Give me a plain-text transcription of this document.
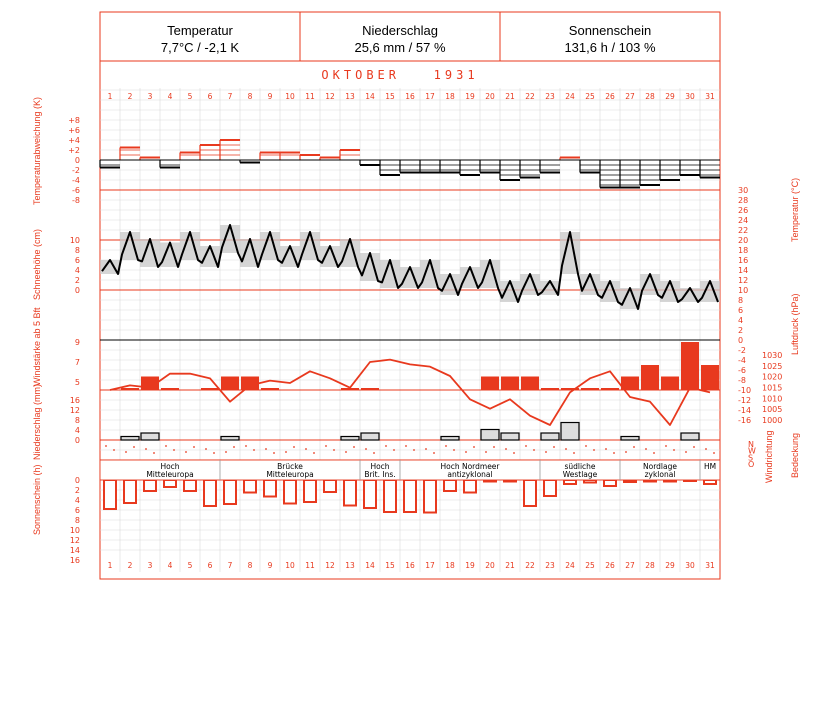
Temperatur
7,7°C / -2,1 K
Niederschlag
25,6 mm / 57 %
Sonnenschein
131,6 h / 103 %
OKTOBER   1931
1 2 3 4 5 6 7 8 9 10 11 12 13 14 15 16 17 18 19 20 21 22 23 24 25 26 27 28 29 30 31
1 2 3 4 5 6 7 8 9 10 11 12 13 14 15 16 17 18 19 20 21 22 23 24 25 26 27 28 29 30 31
Hoch
Mitteleuropa
Brücke
Mitteleuropa
Hoch
Brit. Ins.
Hoch Nordmeer
antizyklonal
südliche
Westlage
Nordlage
zyklonal
HM
+8
+6
+4
+2
0
-2
-4
-6
-8
10
8
6
4
2
0
9
7
5
16
12
8
4
0
0
2
4
6
8
10
12
14
16
30
28
26
24
22
20
18
16
14
12
10
8
6
4
2
0
-2
-4
-6
-8
-10
-12
-14
-16
1030
1025
1020
1015
1010
1005
1000
N
W
S
O
Temperaturabweichung (K)
Schneehöhe (cm)
Windstärke ab 5 Bft
Niederschlag (mm)
Sonnenschein (h)
Temperatur (°C)
Luftdruck (hPa)
Windrichtung Bedeckung
